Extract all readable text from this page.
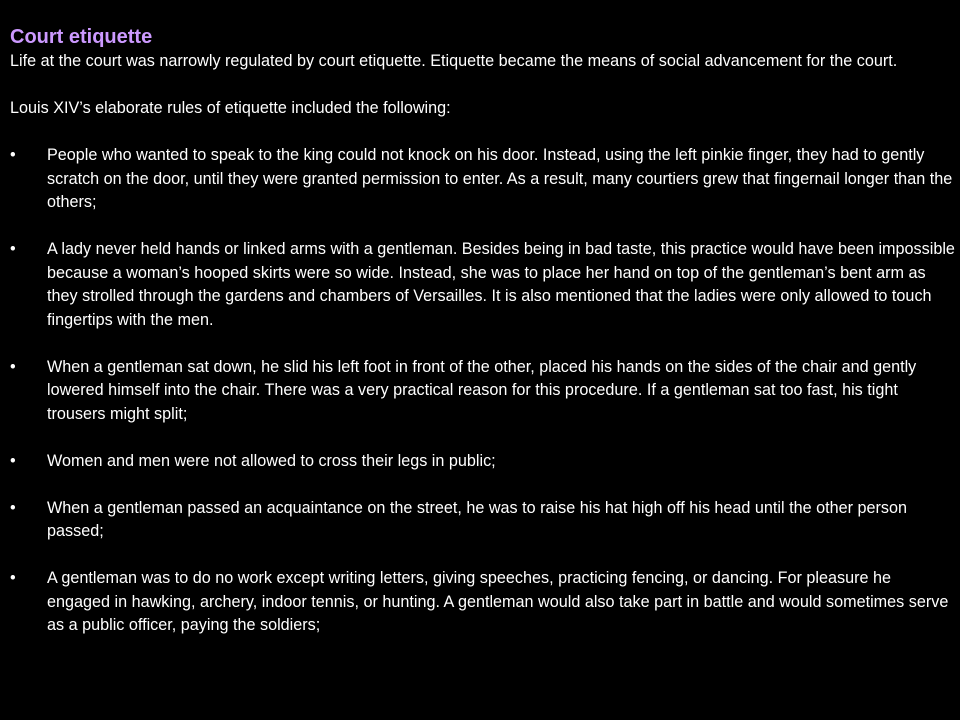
Court etiquette

Life at the court was narrowly regulated by court etiquette. Etiquette became the means of social advancement for the court.

Louis XIV’s elaborate rules of etiquette included the following:

• People who wanted to speak to the king could not knock on his door. Instead, using the left pinkie finger, they had to gently scratch on the door, until they were granted permission to enter. As a result, many courtiers grew that fingernail longer than the others;
• A lady never held hands or linked arms with a gentleman. Besides being in bad taste, this practice would have been impossible because a woman’s hooped skirts were so wide. Instead, she was to place her hand on top of the gentleman’s bent arm as they strolled through the gardens and chambers of Versailles. It is also mentioned that the ladies were only allowed to touch fingertips with the men.
• When a gentleman sat down, he slid his left foot in front of the other, placed his hands on the sides of the chair and gently lowered himself into the chair. There was a very practical reason for this procedure. If a gentleman sat too fast, his tight trousers might split;
• Women and men were not allowed to cross their legs in public;
• When a gentleman passed an acquaintance on the street, he was to raise his hat high off his head until the other person passed;
• A gentleman was to do no work except writing letters, giving speeches, practicing fencing, or dancing. For pleasure he engaged in hawking, archery, indoor tennis, or hunting. A gentleman would also take part in battle and would sometimes serve as a public officer, paying the soldiers;
